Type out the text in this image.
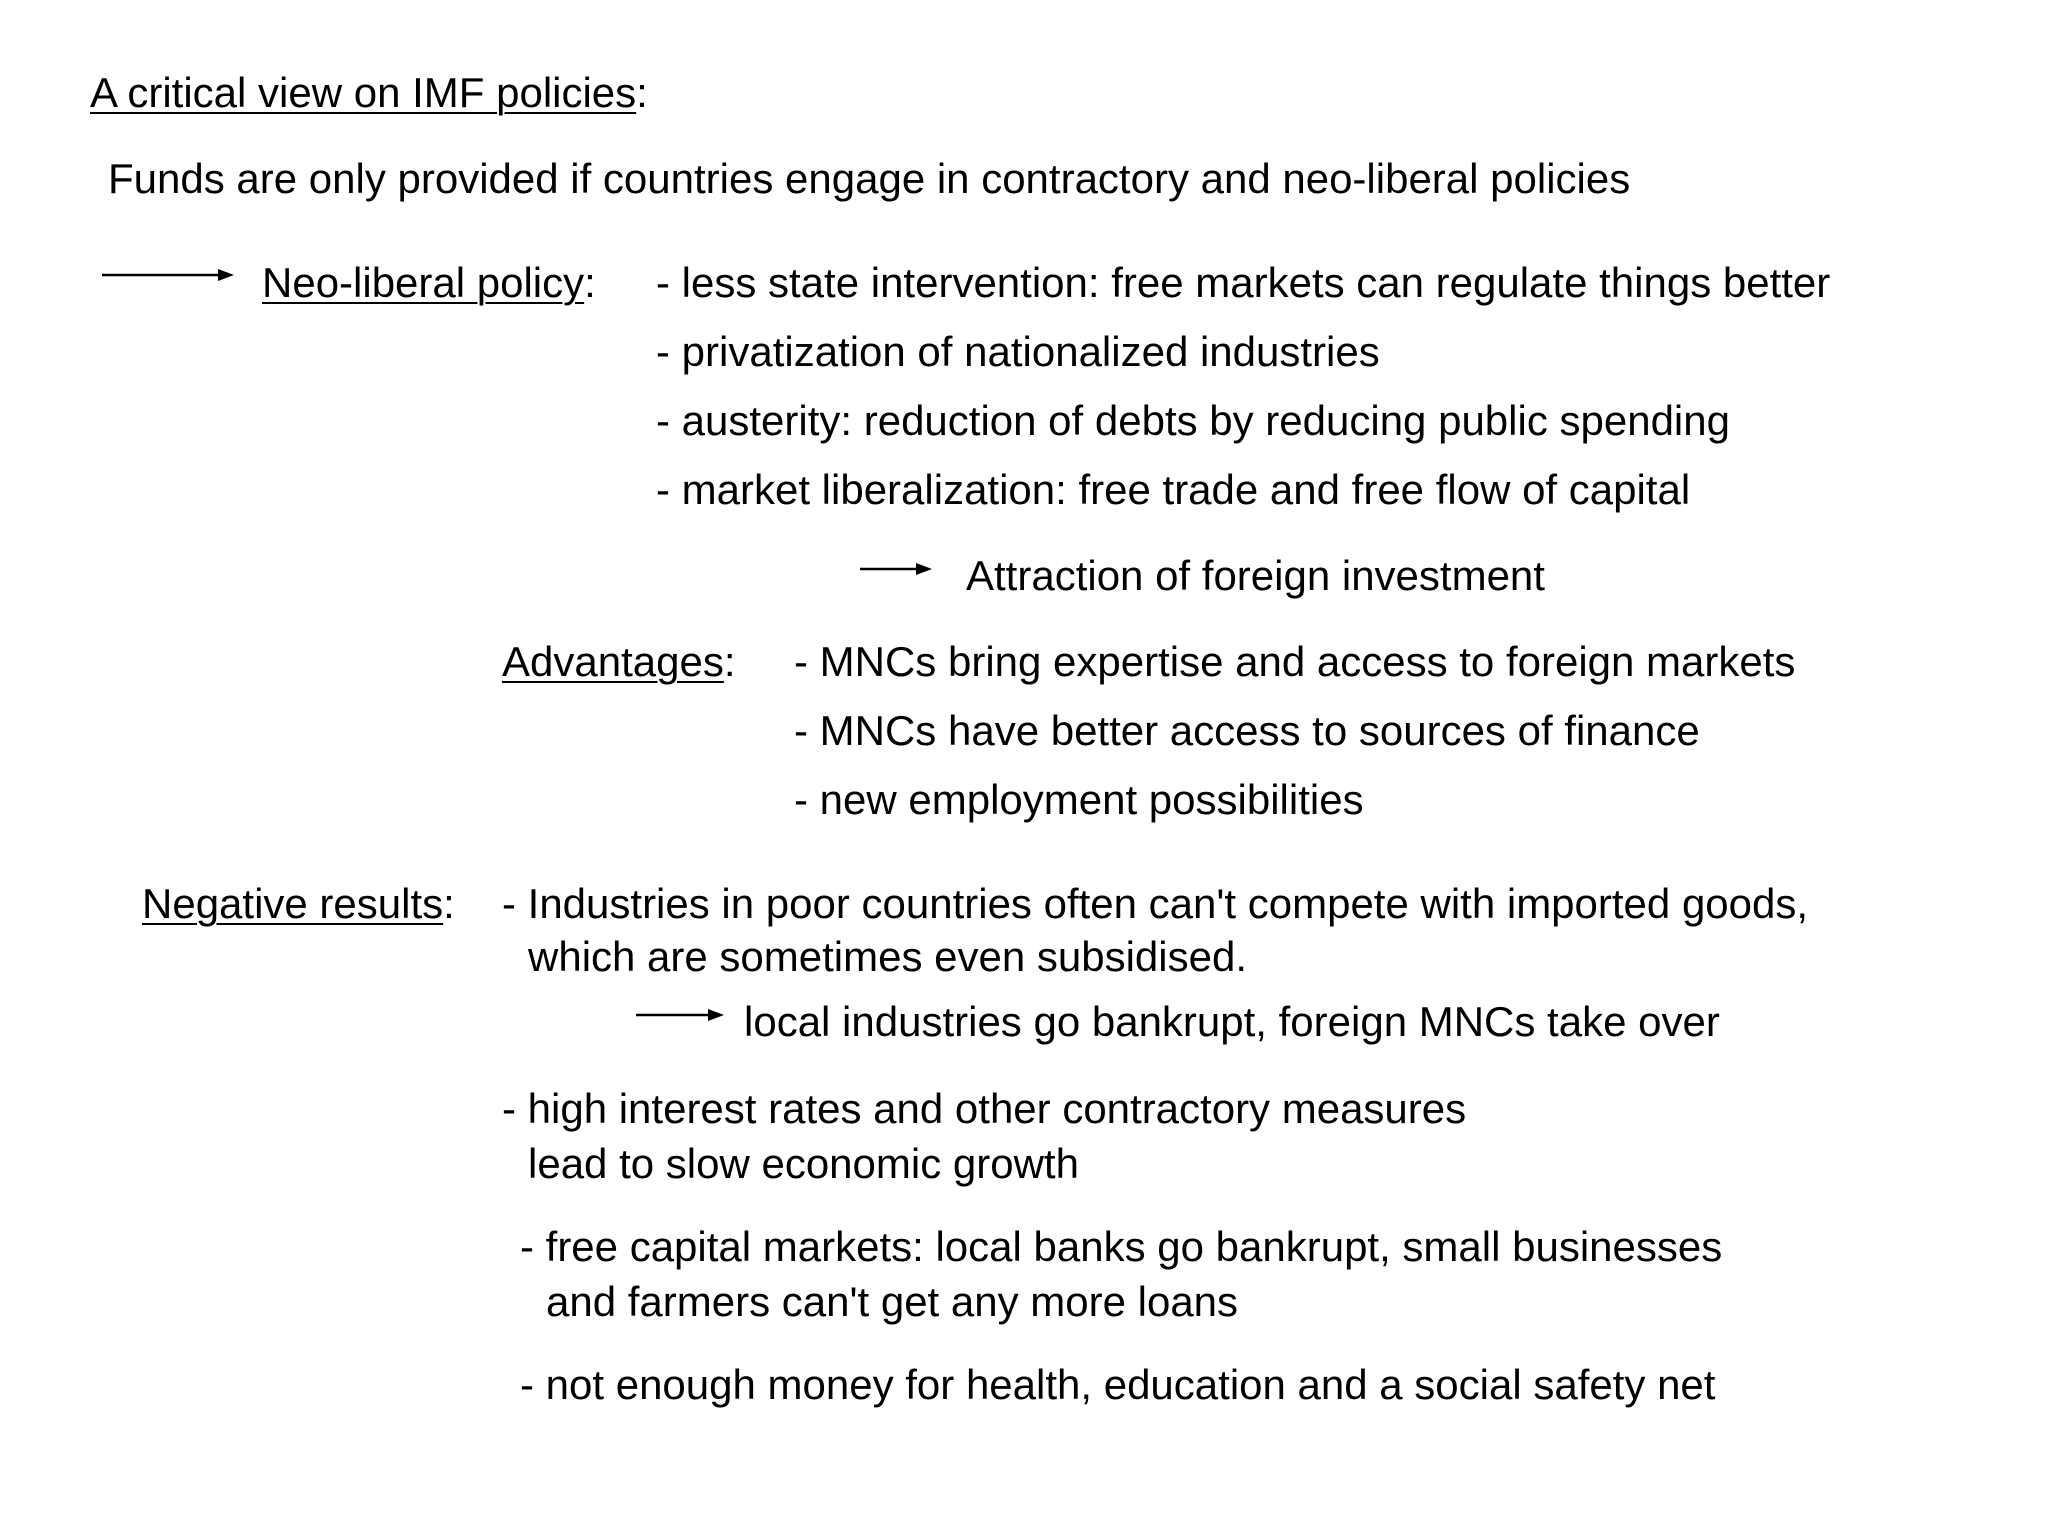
A critical view on IMF policies:
Funds are only provided if countries engage in contractory and neo-liberal policies
Neo-liberal policy: - less state intervention: free markets can regulate things better
- privatization of nationalized industries
- austerity: reduction of debts by reducing public spending
- market liberalization: free trade and free flow of capital
Attraction of foreign investment
Advantages: - MNCs bring expertise and access to foreign markets
- MNCs have better access to sources of finance
- new employment possibilities
Negative results: - Industries in poor countries often can't compete with imported goods,
which are sometimes even subsidised.
local industries go bankrupt, foreign MNCs take over
- high interest rates and other contractory measures
lead to slow economic growth
- free capital markets: local banks go bankrupt, small businesses
and farmers can't get any more loans
- not enough money for health, education and a social safety net
